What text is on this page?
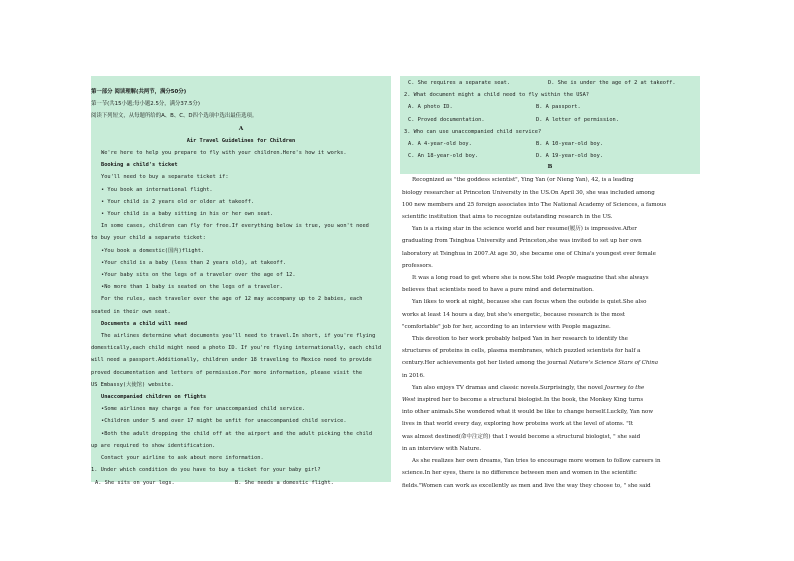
第一部分 阅读理解(共两节，满分50分)
第一节(共15小题;每小题2.5分，满分37.5分)
阅读下列短文，从每题所给的A、B、C、D四个选项中选出最佳选项。
A
Air Travel Guidelines for Children
We're here to help you prepare to fly with your children.Here's how it works.
Booking a child's ticket
You'll need to buy a separate ticket if:
• You book an international flight.
• Your child is 2 years old or older at takeoff.
• Your child is a baby sitting in his or her own seat.
In some cases, children can fly for free.If everything below is true, you won't need
to buy your child a separate ticket:
•You book a domestic(国内)flight.
•Your child is a baby (less than 2 years old), at takeoff.
•Your baby sits on the legs of a traveler over the age of 12.
•No more than 1 baby is seated on the legs of a traveler.
For the rules, each traveler over the age of 12 may accompany up to 2 babies, each
seated in their own seat.
Documents a child will need
The airlines determine what documents you'll need to travel.In short, if you're flying
domestically,each child might need a photo ID. If you're flying internationally, each child
will need a passport.Additionally, children under 18 traveling to Mexico need to provide
proved documentation and letters of permission.For more information, please visit the
US Embassy(大使馆) website.
Unaccompanied children on flights
•Some airlines may charge a fee for unaccompanied child service.
•Children under 5 and over 17 might be unfit for unaccompanied child service.
•Both the adult dropping the child off at the airport and the adult picking the child
up are required to show identification.
Contact your airline to ask about more information.
1. Under which condition do you have to buy a ticket for your baby girl?
A. She sits on your legs.	B. She needs a domestic flight.
C. She requires a separate seat.	D. She is under the age of 2 at takeoff.
2. What document might a child need to fly within the USA?
A. A photo ID.	B. A passport.
C. Proved documentation.	D. A letter of permission.
3. Who can use unaccompanied child service?
A. A 4-year-old boy.	B. A 10-year-old boy.
C. An 18-year-old boy.	D. A 19-year-old boy.
B
Recognized as "the goddess scientist", Ying Yan (or Nieng Yan), 42, is a leading
biology researcher at Princeton University in the US.On April 30, she was included among
100 new members and 25 foreign associates into The National Academy of Sciences, a famous
scientific institution that aims to recognize outstanding research in the US.
Yan is a rising star in the science world and her resume(履历) is impressive.After
graduating from Tsinghua University and Princeton,she was invited to set up her own
laboratory at Tsinghua in 2007.At age 30, she became one of China's youngest ever female
professors.
It was a long road to get where she is now.She told People magazine that she always
believes that scientists need to have a pure mind and determination.
Yan likes to work at night, because she can focus when the outside is quiet.She also
works at least 14 hours a day, but she's energetic, because research is the most
"comfortable" job for her, according to an interview with People magazine.
This devotion to her work probably helped Yan in her research to identify the
structures of proteins in cells, plasma membranes, which puzzled scientists for half a
century.Her achievements got her listed among the journal Nature's Science Stars of China
in 2016.
Yan also enjoys TV dramas and classic novels.Surprisingly, the novel Journey to the
West inspired her to become a structural biologist.In the book, the Monkey King turns
into other animals.She wondered what it would be like to change herself.Luckily, Yan now
lives in that world every day, exploring how proteins work at the level of atoms. "It
was almost destined(命中注定的) that I would become a structural biologist, " she said
in an interview with Nature.
As she realizes her own dreams, Yan tries to encourage more women to follow careers in
science.In her eyes, there is no difference between men and women in the scientific
fields."Women can work as excellently as men and live the way they choose to, " she said
